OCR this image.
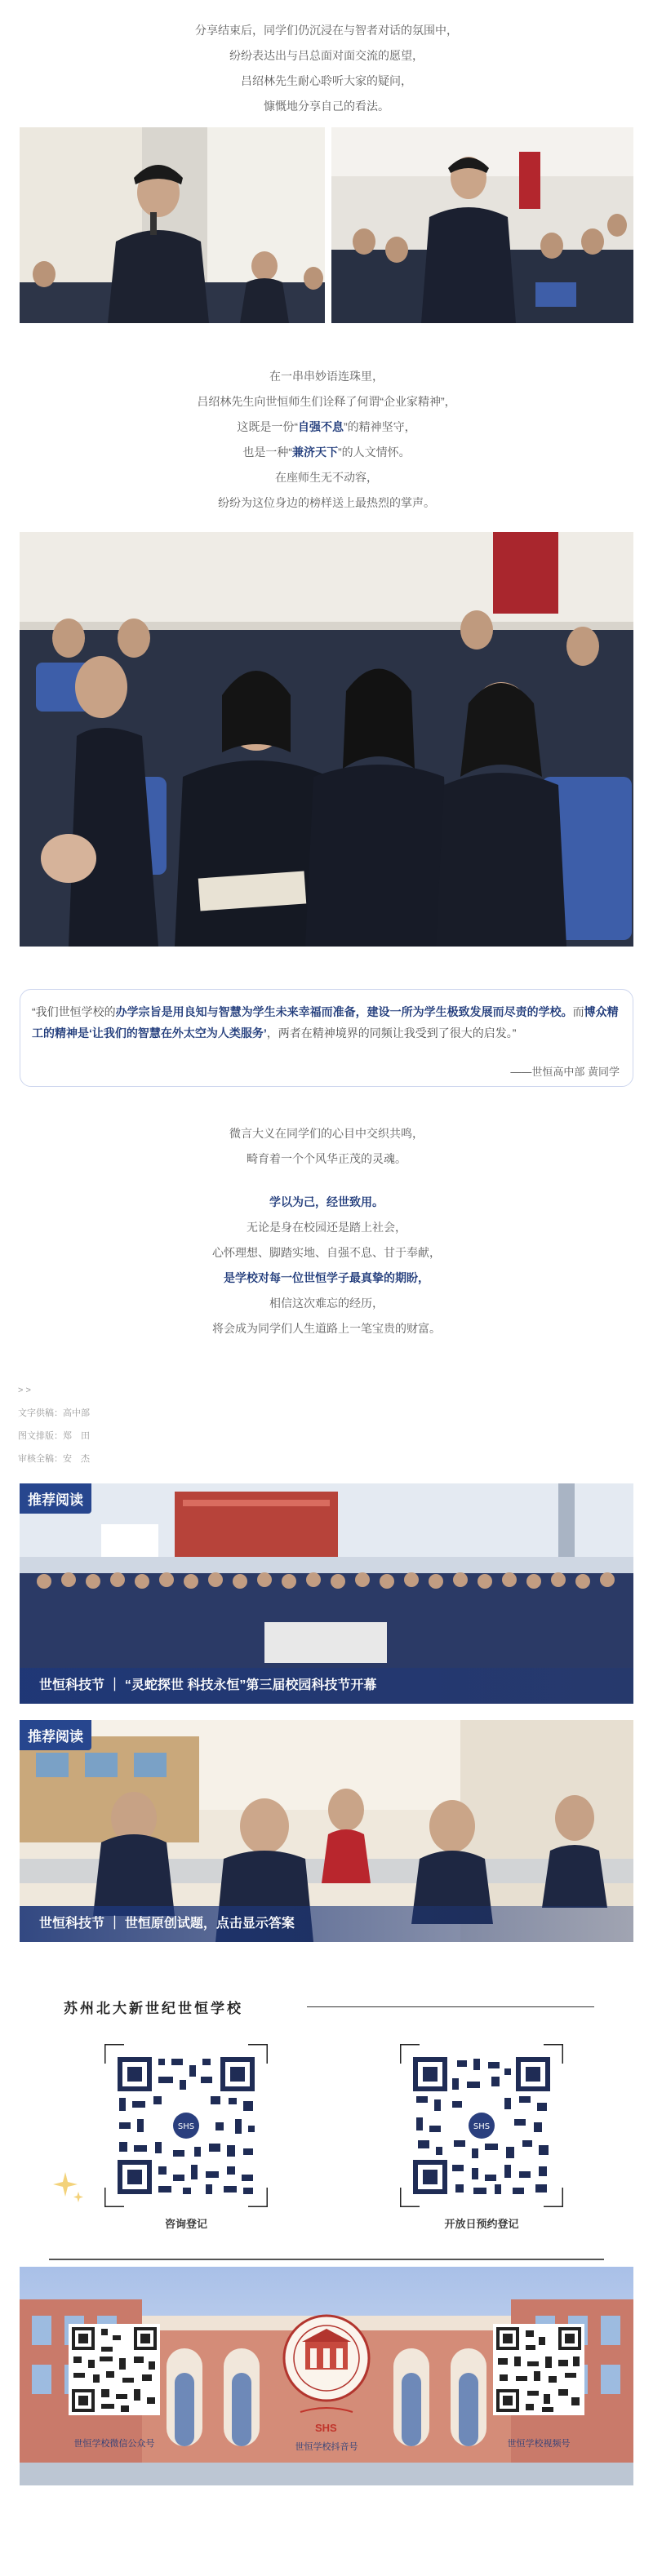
分享结束后，同学们仍沉浸在与智者对话的氛围中，

纷纷表达出与吕总面对面交流的愿望，

吕绍林先生耐心聆听大家的疑问，

慷慨地分享自己的看法。

在一串串妙语连珠里，

吕绍林先生向世恒师生们诠释了何谓“企业家精神”，

这既是一份“自强不息”的精神坚守，

也是一种“兼济天下”的人文情怀。

在座师生无不动容，

纷纷为这位身边的榜样送上最热烈的掌声。

“我们世恒学校的办学宗旨是用良知与智慧为学生未来幸福而准备，建设一所为学生极致发展而尽责的学校。而博众精工的精神是‘让我们的智慧在外太空为人类服务’，两者在精神境界的同频让我受到了很大的启发。”
——世恒高中部 黄同学

微言大义在同学们的心目中交织共鸣，

畸育着一个个风华正茂的灵魂。

学以为己，经世致用。

无论是身在校园还是踏上社会，

心怀理想、脚踏实地、自强不息、甘于奉献，

是学校对每一位世恒学子最真挚的期盼，

相信这次难忘的经历，

将会成为同学们人生道路上一笔宝贵的财富。

> >

文字供稿：高中部

图文排版：郑　田

审核全稿：安　杰

推荐阅读
世恒科技节 ｜ “灵蛇探世 科技永恒”第三届校园科技节开幕
推荐阅读
世恒科技节 ｜ 世恒原创试题，点击显示答案
苏州北大新世纪世恒学校
SHS
咨询登记
SHS
开放日预约登记
SHS
世恒学校微信公众号	世恒学校抖音号	世恒学校视频号
